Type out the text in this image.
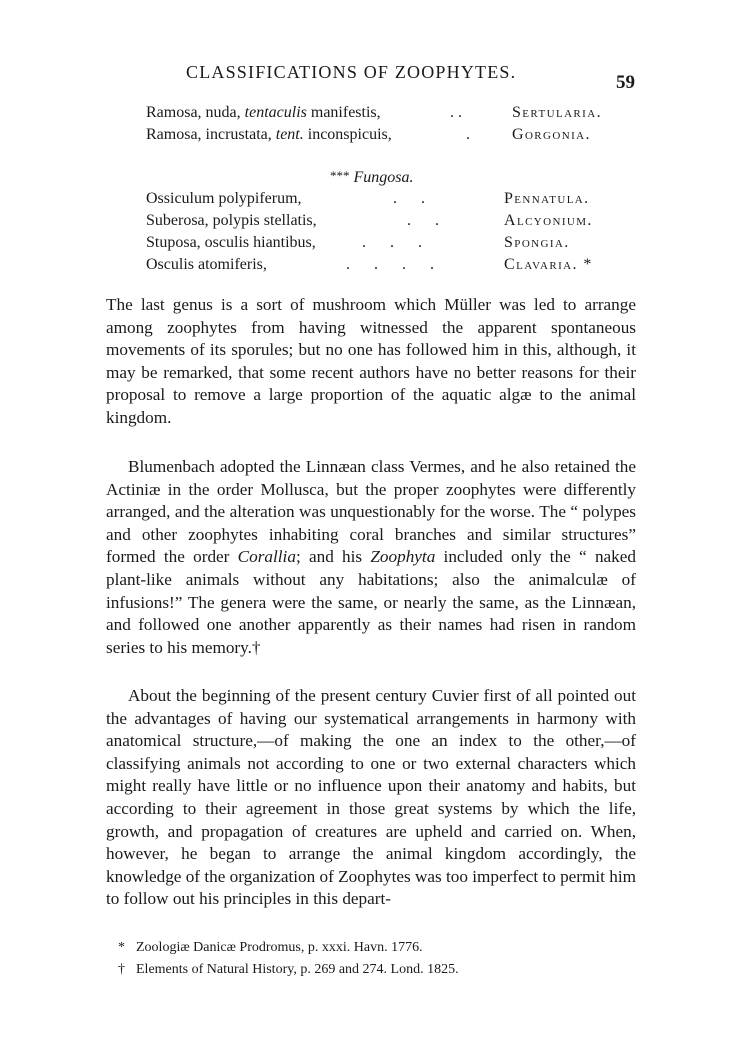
CLASSIFICATIONS OF ZOOPHYTES.	59
Ramosa, nuda, tentaculis manifestis,	. .	Sertularia.
Ramosa, incrustata, tent. inconspicuis,	.	Gorgonia.
*** Fungosa.
Ossiculum polypiferum,	.      .	Pennatula.
Suberosa, polypis stellatis,	.      .	Alcyonium.
Stuposa, osculis hiantibus,	.      .      .	Spongia.
Osculis atomiferis,	.      .      .      .	Clavaria. *

The last genus is a sort of mushroom which Müller was led to arrange among zoophytes from having witnessed the apparent spontaneous movements of its sporules; but no one has followed him in this, although, it may be remarked, that some recent authors have no better reasons for their proposal to remove a large proportion of the aquatic algæ to the animal kingdom.

Blumenbach adopted the Linnæan class Vermes, and he also retained the Actiniæ in the order Mollusca, but the proper zoophytes were differently arranged, and the alteration was unquestionably for the worse. The “ polypes and other zoophytes inhabiting coral branches and similar structures” formed the order Corallia; and his Zoophyta included only the “ naked plant-like animals without any habitations; also the animalculæ of infusions!” The genera were the same, or nearly the same, as the Linnæan, and followed one another apparently as their names had risen in random series to his memory.†

About the beginning of the present century Cuvier first of all pointed out the advantages of having our systematical arrangements in harmony with anatomical structure,—of making the one an index to the other,—of classifying animals not according to one or two external characters which might really have little or no influence upon their anatomy and habits, but according to their agreement in those great systems by which the life, growth, and propagation of creatures are upheld and carried on. When, however, he began to arrange the animal kingdom accordingly, the knowledge of the organization of Zoophytes was too imperfect to permit him to follow out his principles in this depart-

* Zoologiæ Danicæ Prodromus, p. xxxi. Havn. 1776.
† Elements of Natural History, p. 269 and 274. Lond. 1825.
